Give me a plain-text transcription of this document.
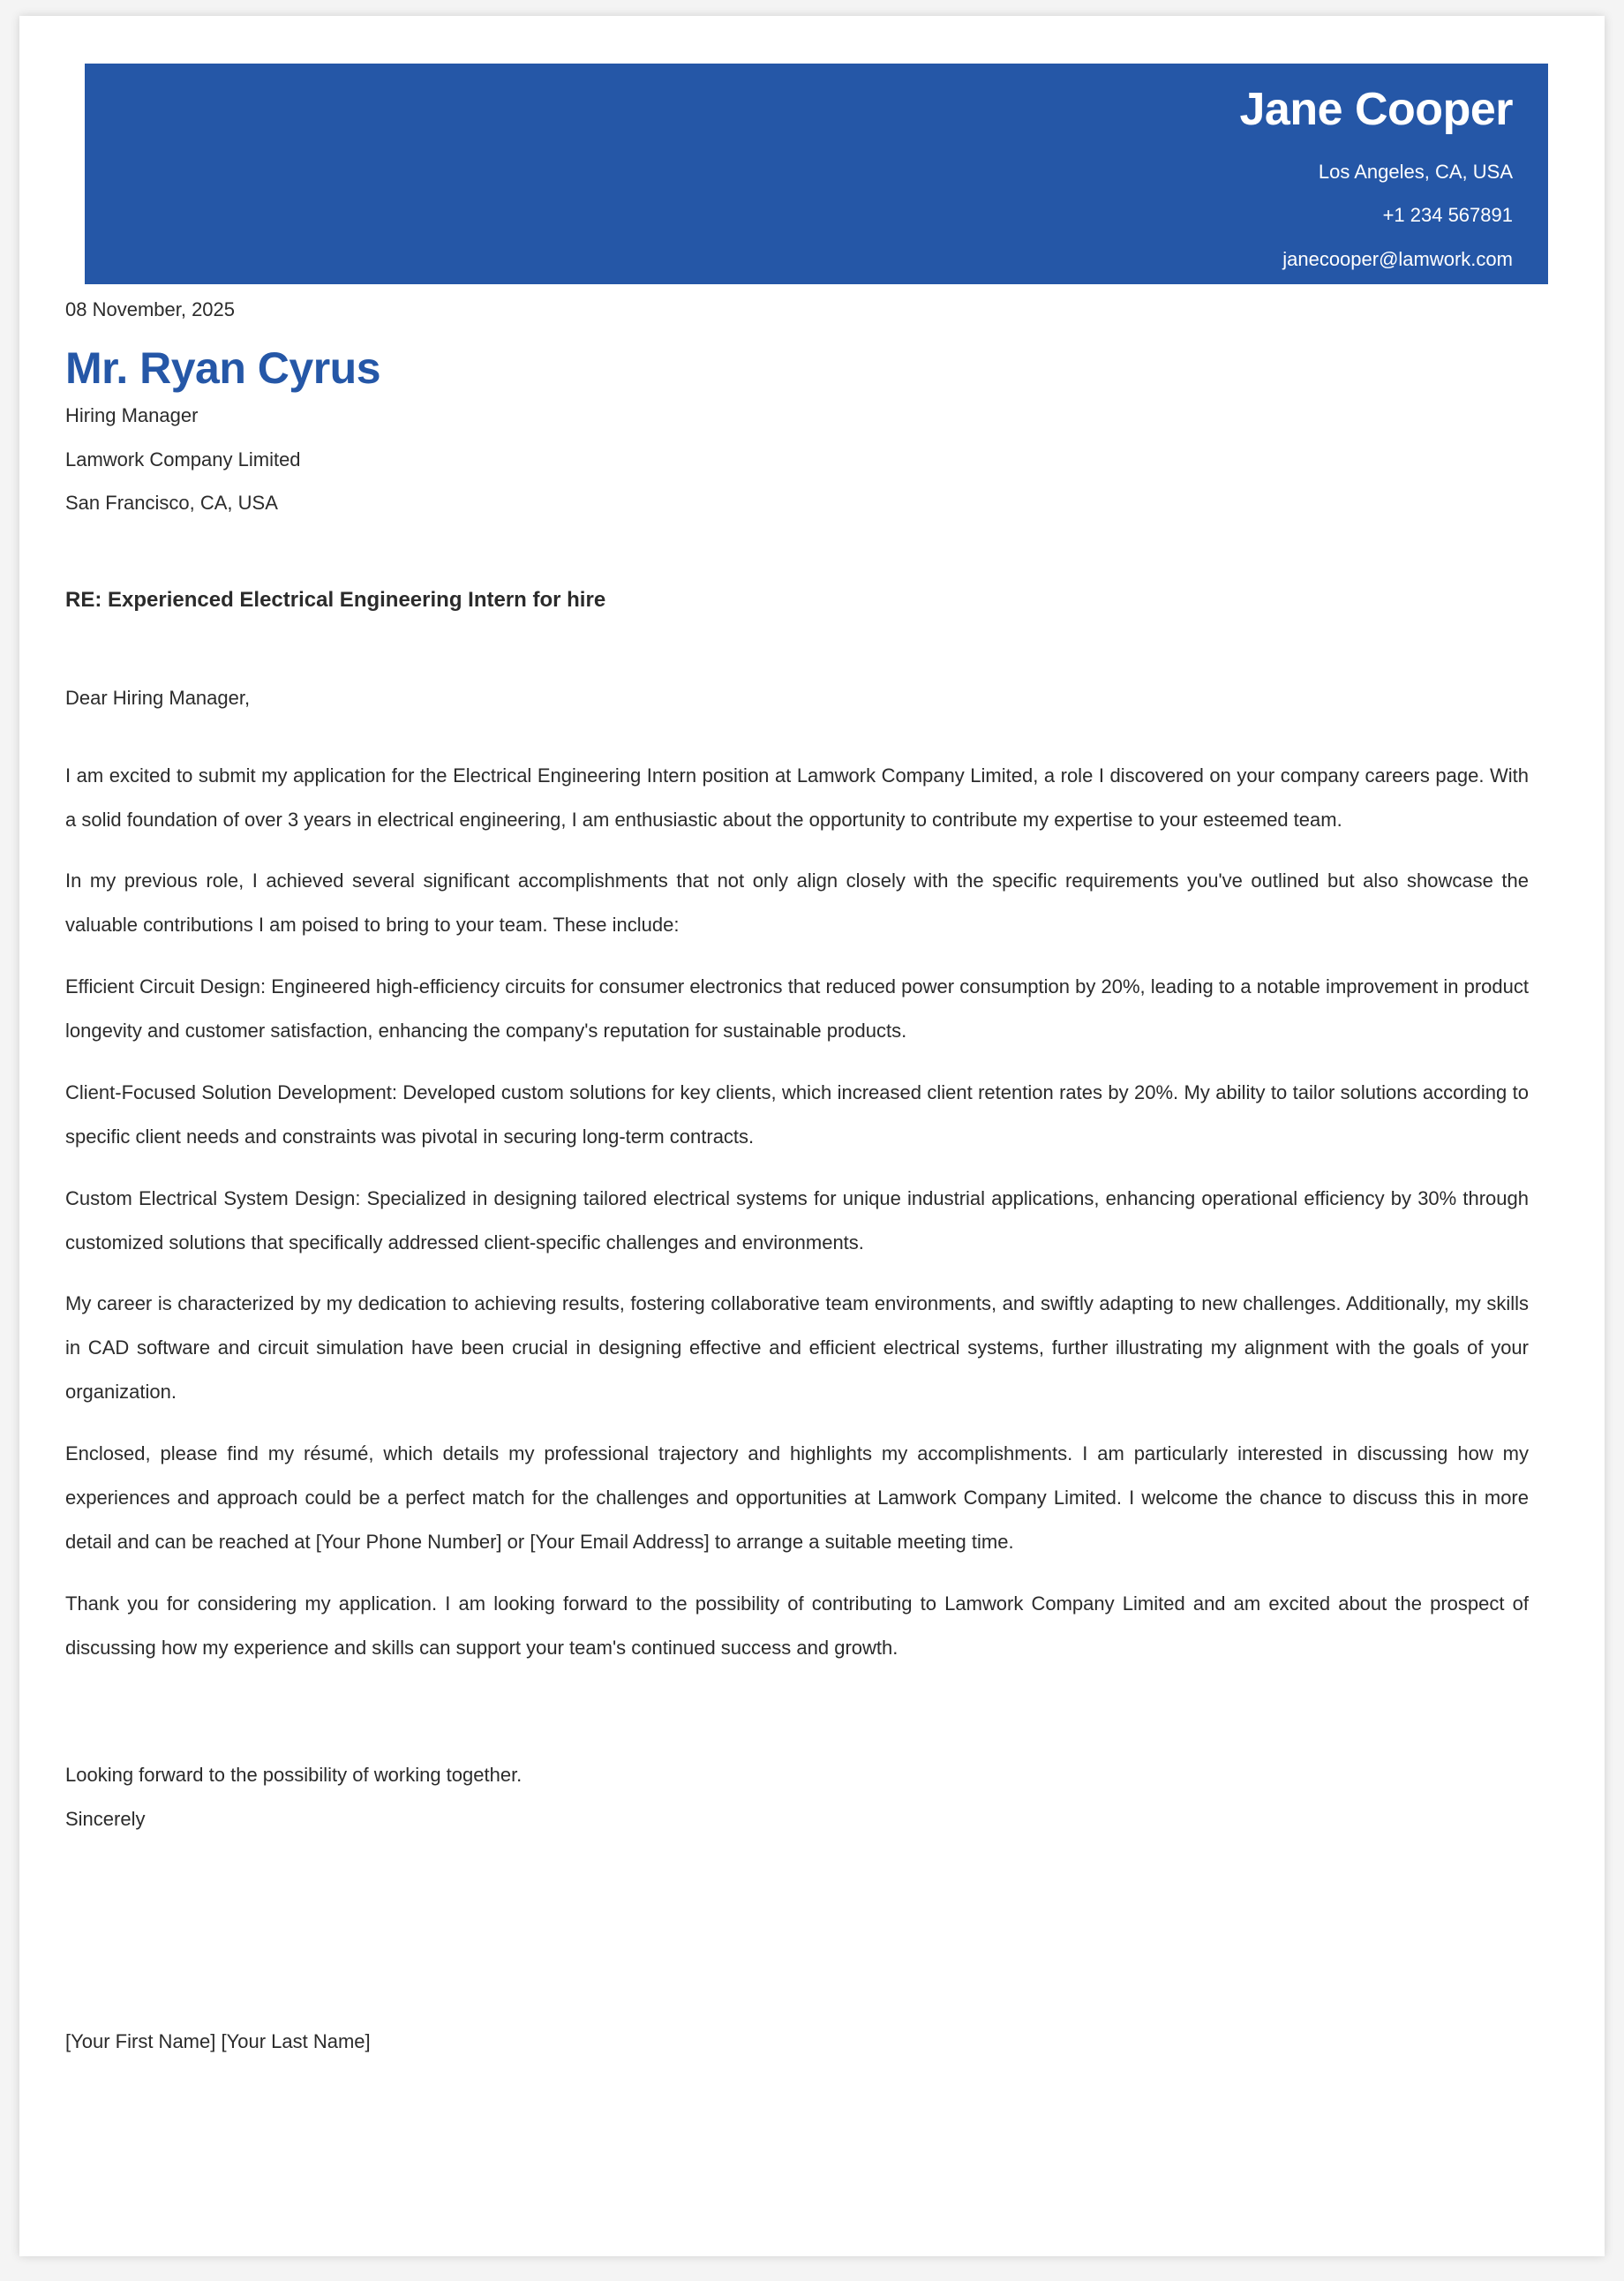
Jane Cooper
Los Angeles, CA, USA
+1 234 567891
janecooper@lamwork.com
08 November, 2025
Mr. Ryan Cyrus
Hiring Manager
Lamwork Company Limited
San Francisco, CA, USA
RE: Experienced Electrical Engineering Intern for hire
Dear Hiring Manager,

I am excited to submit my application for the Electrical Engineering Intern position at Lamwork Company Limited, a role I discovered on your company careers page. With a solid foundation of over 3 years in electrical engineering, I am enthusiastic about the opportunity to contribute my expertise to your esteemed team.

In my previous role, I achieved several significant accomplishments that not only align closely with the specific requirements you've outlined but also showcase the valuable contributions I am poised to bring to your team. These include:

Efficient Circuit Design: Engineered high-efficiency circuits for consumer electronics that reduced power consumption by 20%, leading to a notable improvement in product longevity and customer satisfaction, enhancing the company's reputation for sustainable products.

Client-Focused Solution Development: Developed custom solutions for key clients, which increased client retention rates by 20%. My ability to tailor solutions according to specific client needs and constraints was pivotal in securing long-term contracts.

Custom Electrical System Design: Specialized in designing tailored electrical systems for unique industrial applications, enhancing operational efficiency by 30% through customized solutions that specifically addressed client-specific challenges and environments.

My career is characterized by my dedication to achieving results, fostering collaborative team environments, and swiftly adapting to new challenges. Additionally, my skills in CAD software and circuit simulation have been crucial in designing effective and efficient electrical systems, further illustrating my alignment with the goals of your organization.

Enclosed, please find my résumé, which details my professional trajectory and highlights my accomplishments. I am particularly interested in discussing how my experiences and approach could be a perfect match for the challenges and opportunities at Lamwork Company Limited. I welcome the chance to discuss this in more detail and can be reached at [Your Phone Number] or [Your Email Address] to arrange a suitable meeting time.

Thank you for considering my application. I am looking forward to the possibility of contributing to Lamwork Company Limited and am excited about the prospect of discussing how my experience and skills can support your team's continued success and growth.

Looking forward to the possibility of working together.
Sincerely
[Your First Name] [Your Last Name]
